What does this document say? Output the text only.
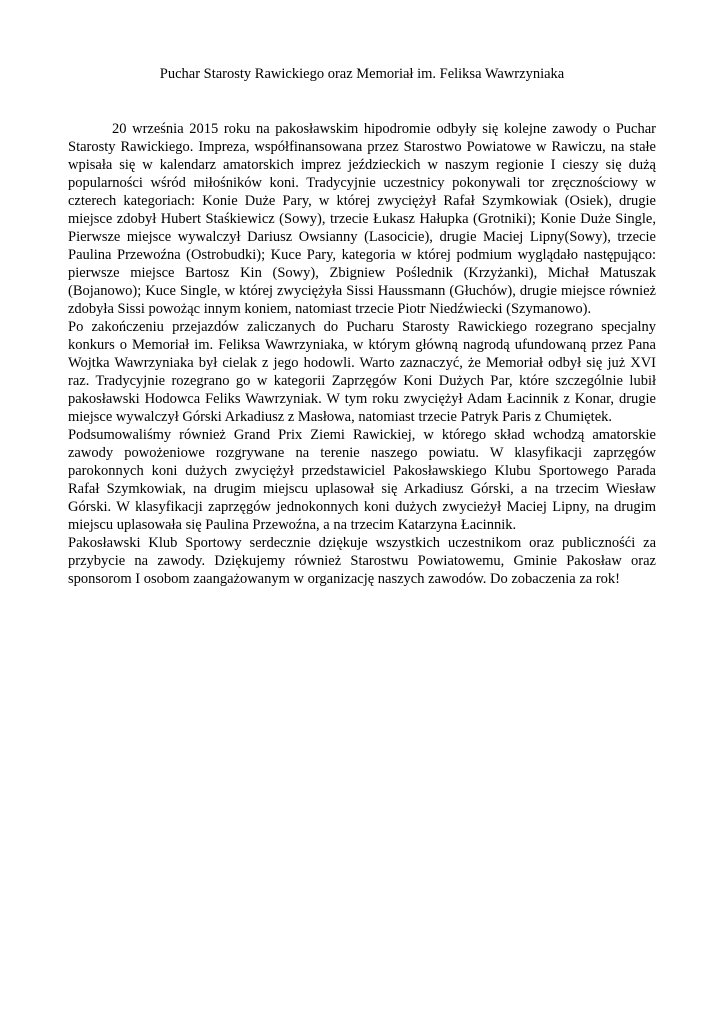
Puchar Starosty Rawickiego oraz Memoriał im. Feliksa Wawrzyniaka

20 września 2015 roku na pakosławskim hipodromie odbyły się kolejne zawody o Puchar Starosty Rawickiego. Impreza, współfinansowana przez Starostwo Powiatowe w Rawiczu, na stałe wpisała się w kalendarz amatorskich imprez jeździeckich w naszym regionie I cieszy się dużą popularności wśród miłośników koni. Tradycyjnie uczestnicy pokonywali tor zręcznościowy w czterech kategoriach: Konie Duże Pary, w której zwyciężył Rafał Szymkowiak (Osiek), drugie miejsce zdobył Hubert Staśkiewicz (Sowy), trzecie Łukasz Hałupka (Grotniki); Konie Duże Single, Pierwsze miejsce wywalczył Dariusz Owsianny (Lasocicie), drugie Maciej Lipny(Sowy), trzecie Paulina Przewoźna (Ostrobudki); Kuce Pary, kategoria w której podmium wyglądało następująco: pierwsze miejsce Bartosz Kin (Sowy), Zbigniew Poślednik (Krzyżanki), Michał Matuszak (Bojanowo); Kuce Single, w której zwyciężyła Sissi Haussmann (Głuchów), drugie miejsce również zdobyła Sissi powożąc innym koniem, natomiast trzecie Piotr Niedźwiecki (Szymanowo).

Po zakończeniu przejazdów zaliczanych do Pucharu Starosty Rawickiego rozegrano specjalny konkurs o Memoriał im. Feliksa Wawrzyniaka, w którym główną nagrodą ufundowaną przez Pana Wojtka Wawrzyniaka był cielak z jego hodowli. Warto zaznaczyć, że Memoriał odbył się już XVI raz. Tradycyjnie rozegrano go w kategorii Zaprzęgów Koni Dużych Par, które szczególnie lubił pakosławski Hodowca Feliks Wawrzyniak. W tym roku zwyciężył Adam Łacinnik z Konar, drugie miejsce wywalczył Górski Arkadiusz z Masłowa, natomiast trzecie Patryk Paris z Chumiętek.

Podsumowaliśmy również Grand Prix Ziemi Rawickiej, w którego skład wchodzą amatorskie zawody powożeniowe rozgrywane na terenie naszego powiatu. W klasyfikacji zaprzęgów parokonnych koni dużych zwyciężył przedstawiciel Pakosławskiego Klubu Sportowego Parada Rafał Szymkowiak, na drugim miejscu uplasował się Arkadiusz Górski, a na trzecim Wiesław Górski. W klasyfikacji zaprzęgów jednokonnych koni dużych zwycieżył Maciej Lipny, na drugim miejscu uplasowała się Paulina Przewoźna, a na trzecim Katarzyna Łacinnik.

Pakosławski Klub Sportowy serdecznie dziękuje wszystkich uczestnikom oraz publicznośći za przybycie na zawody. Dziękujemy również Starostwu Powiatowemu, Gminie Pakosław oraz sponsorom I osobom zaangażowanym w organizację naszych zawodów. Do zobaczenia za rok!
